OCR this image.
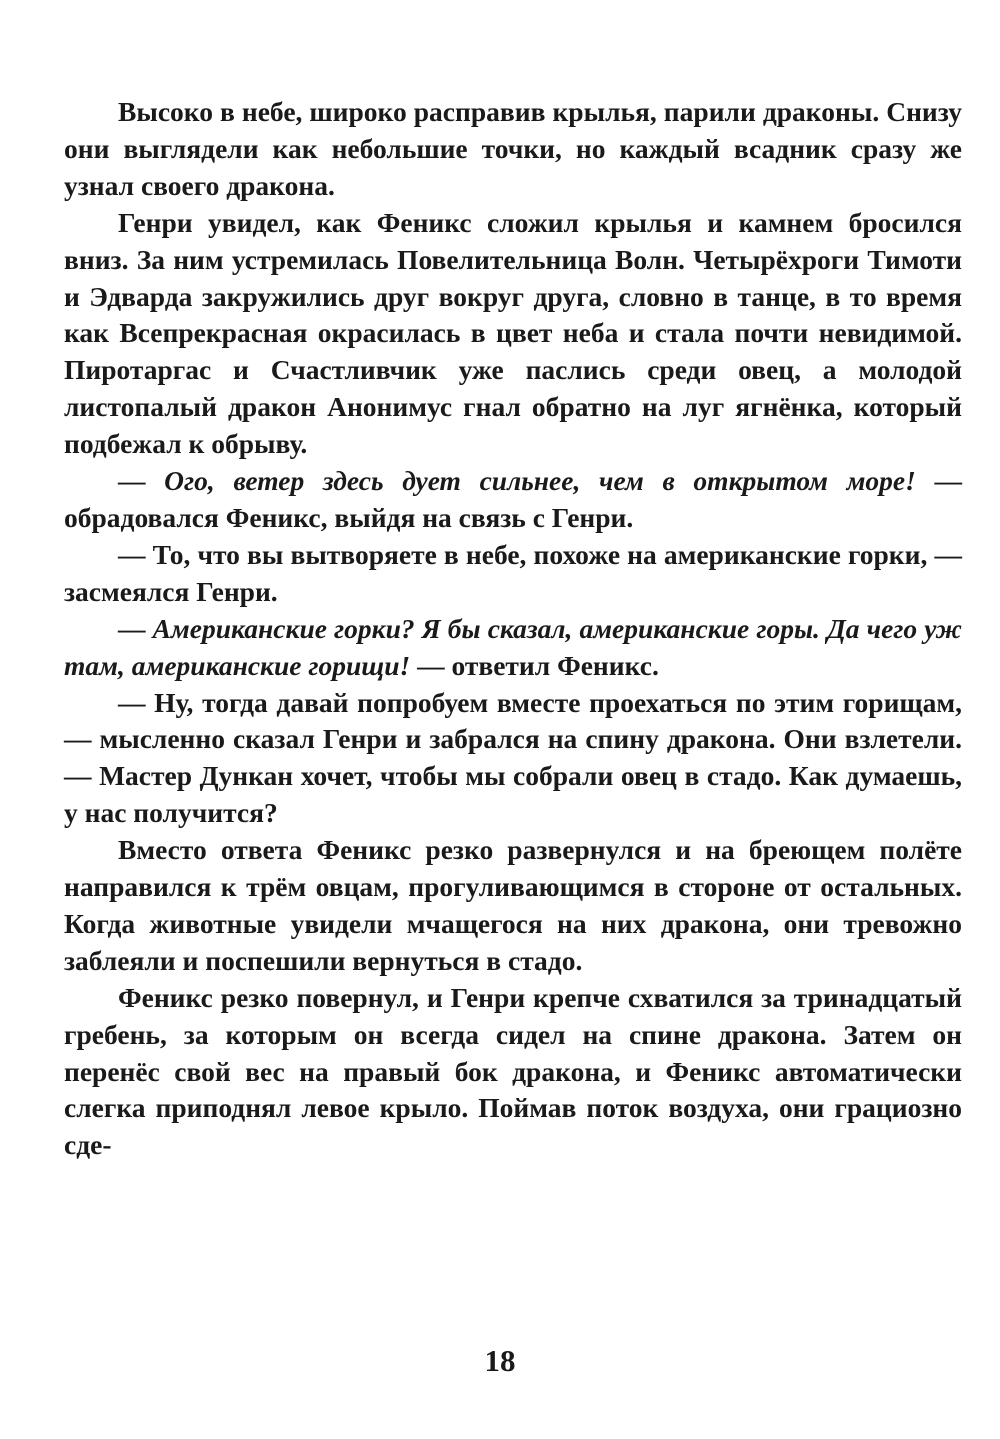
Высоко в небе, широко расправив крылья, парили драконы. Снизу они выглядели как небольшие точки, но каждый всадник сразу же узнал своего дракона.

Генри увидел, как Феникс сложил крылья и камнем бросился вниз. За ним устремилась Повелительница Волн. Четырёхроги Тимоти и Эдварда закружились друг вокруг друга, словно в танце, в то время как Всепрекрасная окрасилась в цвет неба и стала почти невидимой. Пиротаргас и Счастливчик уже паслись среди овец, а молодой листопалый дракон Анонимус гнал обратно на луг ягнёнка, который подбежал к обрыву.

— Ого, ветер здесь дует сильнее, чем в открытом море! — обрадовался Феникс, выйдя на связь с Генри.

— То, что вы вытворяете в небе, похоже на американские горки, — засмеялся Генри.

— Американские горки? Я бы сказал, американские горы. Да чего уж там, американские горищи! — ответил Феникс.

— Ну, тогда давай попробуем вместе проехаться по этим горищам, — мысленно сказал Генри и забрался на спину дракона. Они взлетели. — Мастер Дункан хочет, чтобы мы собрали овец в стадо. Как думаешь, у нас получится?

Вместо ответа Феникс резко развернулся и на бреющем полёте направился к трём овцам, прогуливающимся в стороне от остальных. Когда животные увидели мчащегося на них дракона, они тревожно заблеяли и поспешили вернуться в стадо.

Феникс резко повернул, и Генри крепче схватился за тринадцатый гребень, за которым он всегда сидел на спине дракона. Затем он перенёс свой вес на правый бок дракона, и Феникс автоматически слегка приподнял левое крыло. Поймав поток воздуха, они грациозно сде-

18
